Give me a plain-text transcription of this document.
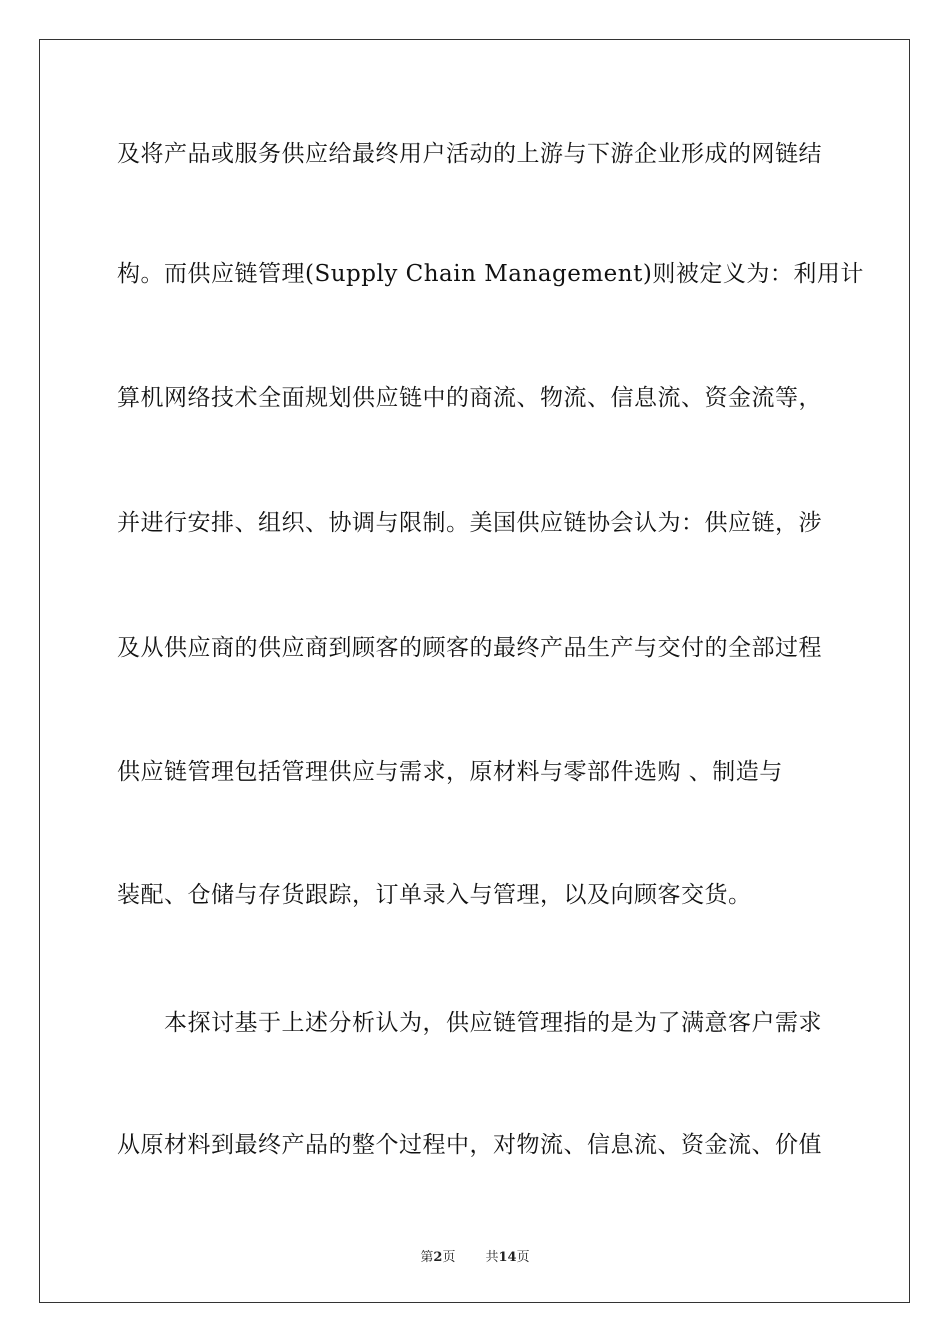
及将产品或服务供应给最终用户活动的上游与下游企业形成的网链结
构。而供应链管理(Supply Chain Management)则被定义为：利用计
算机网络技术全面规划供应链中的商流、物流、信息流、资金流等，
并进行安排、组织、协调与限制。美国供应链协会认为：供应链，涉
及从供应商的供应商到顾客的顾客的最终产品生产与交付的全部过程
供应链管理包括管理供应与需求，原材料与零部件选购 、制造与
装配、仓储与存货跟踪，订单录入与管理，以及向顾客交货。
本探讨基于上述分析认为，供应链管理指的是为了满意客户需求
从原材料到最终产品的整个过程中，对物流、信息流、资金流、价值
第2页 共14页
